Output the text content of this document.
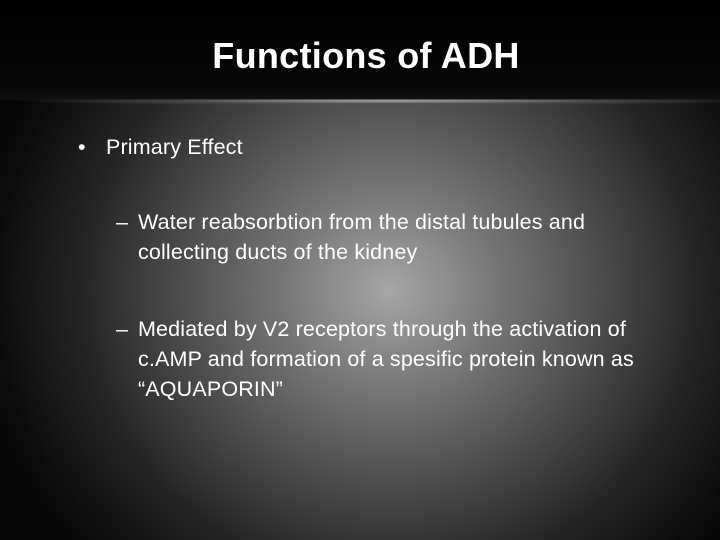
Functions of ADH
• Primary Effect
– Water reabsorbtion from the distal tubules and collecting ducts of the kidney
– Mediated by V2 receptors through the activation of c.AMP and formation of a spesific protein known as “AQUAPORIN”
